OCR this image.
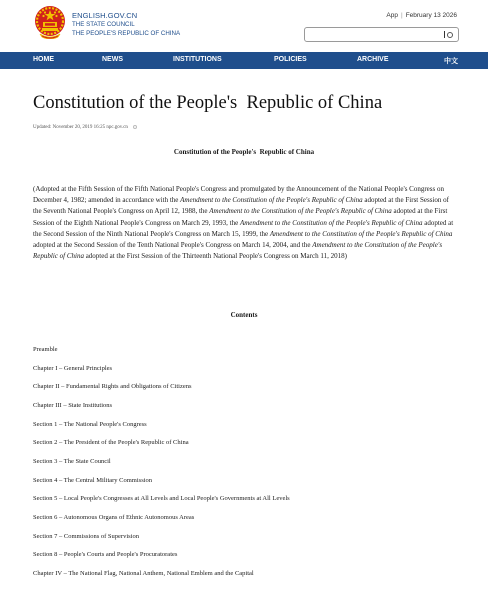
ENGLISH.GOV.CN
THE STATE COUNCIL
THE PEOPLE'S REPUBLIC OF CHINA
App | February 13 2026
HOME	NEWS	INSTITUTIONS	POLICIES	ARCHIVE	中文
Constitution of the People's  Republic of China
Updated: November 20, 2019 16:25 npc.gov.cn
Constitution of the People's  Republic of China

(Adopted at the Fifth Session of the Fifth National People's Congress and promulgated by the Announcement of the National People's Congress on December 4, 1982; amended in accordance with the Amendment to the Constitution of the People's Republic of China adopted at the First Session of the Seventh National People's Congress on April 12, 1988, the Amendment to the Constitution of the People's Republic of China adopted at the First Session of the Eighth National People's Congress on March 29, 1993, the Amendment to the Constitution of the People's Republic of China adopted at the Second Session of the Ninth National People's Congress on March 15, 1999, the Amendment to the Constitution of the People's Republic of China adopted at the Second Session of the Tenth National People's Congress on March 14, 2004, and the Amendment to the Constitution of the People's Republic of China adopted at the First Session of the Thirteenth National People's Congress on March 11, 2018)

Contents
Preamble
Chapter I – General Principles
Chapter II – Fundamental Rights and Obligations of Citizens
Chapter III – State Institutions
Section 1 – The National People's Congress
Section 2 – The President of the People's Republic of China
Section 3 – The State Council
Section 4 – The Central Military Commission
Section 5 – Local People's Congresses at All Levels and Local People's Governments at All Levels
Section 6 – Autonomous Organs of Ethnic Autonomous Areas
Section 7 – Commissions of Supervision
Section 8 – People's Courts and People's Procuratorates
Chapter IV – The National Flag, National Anthem, National Emblem and the Capital
